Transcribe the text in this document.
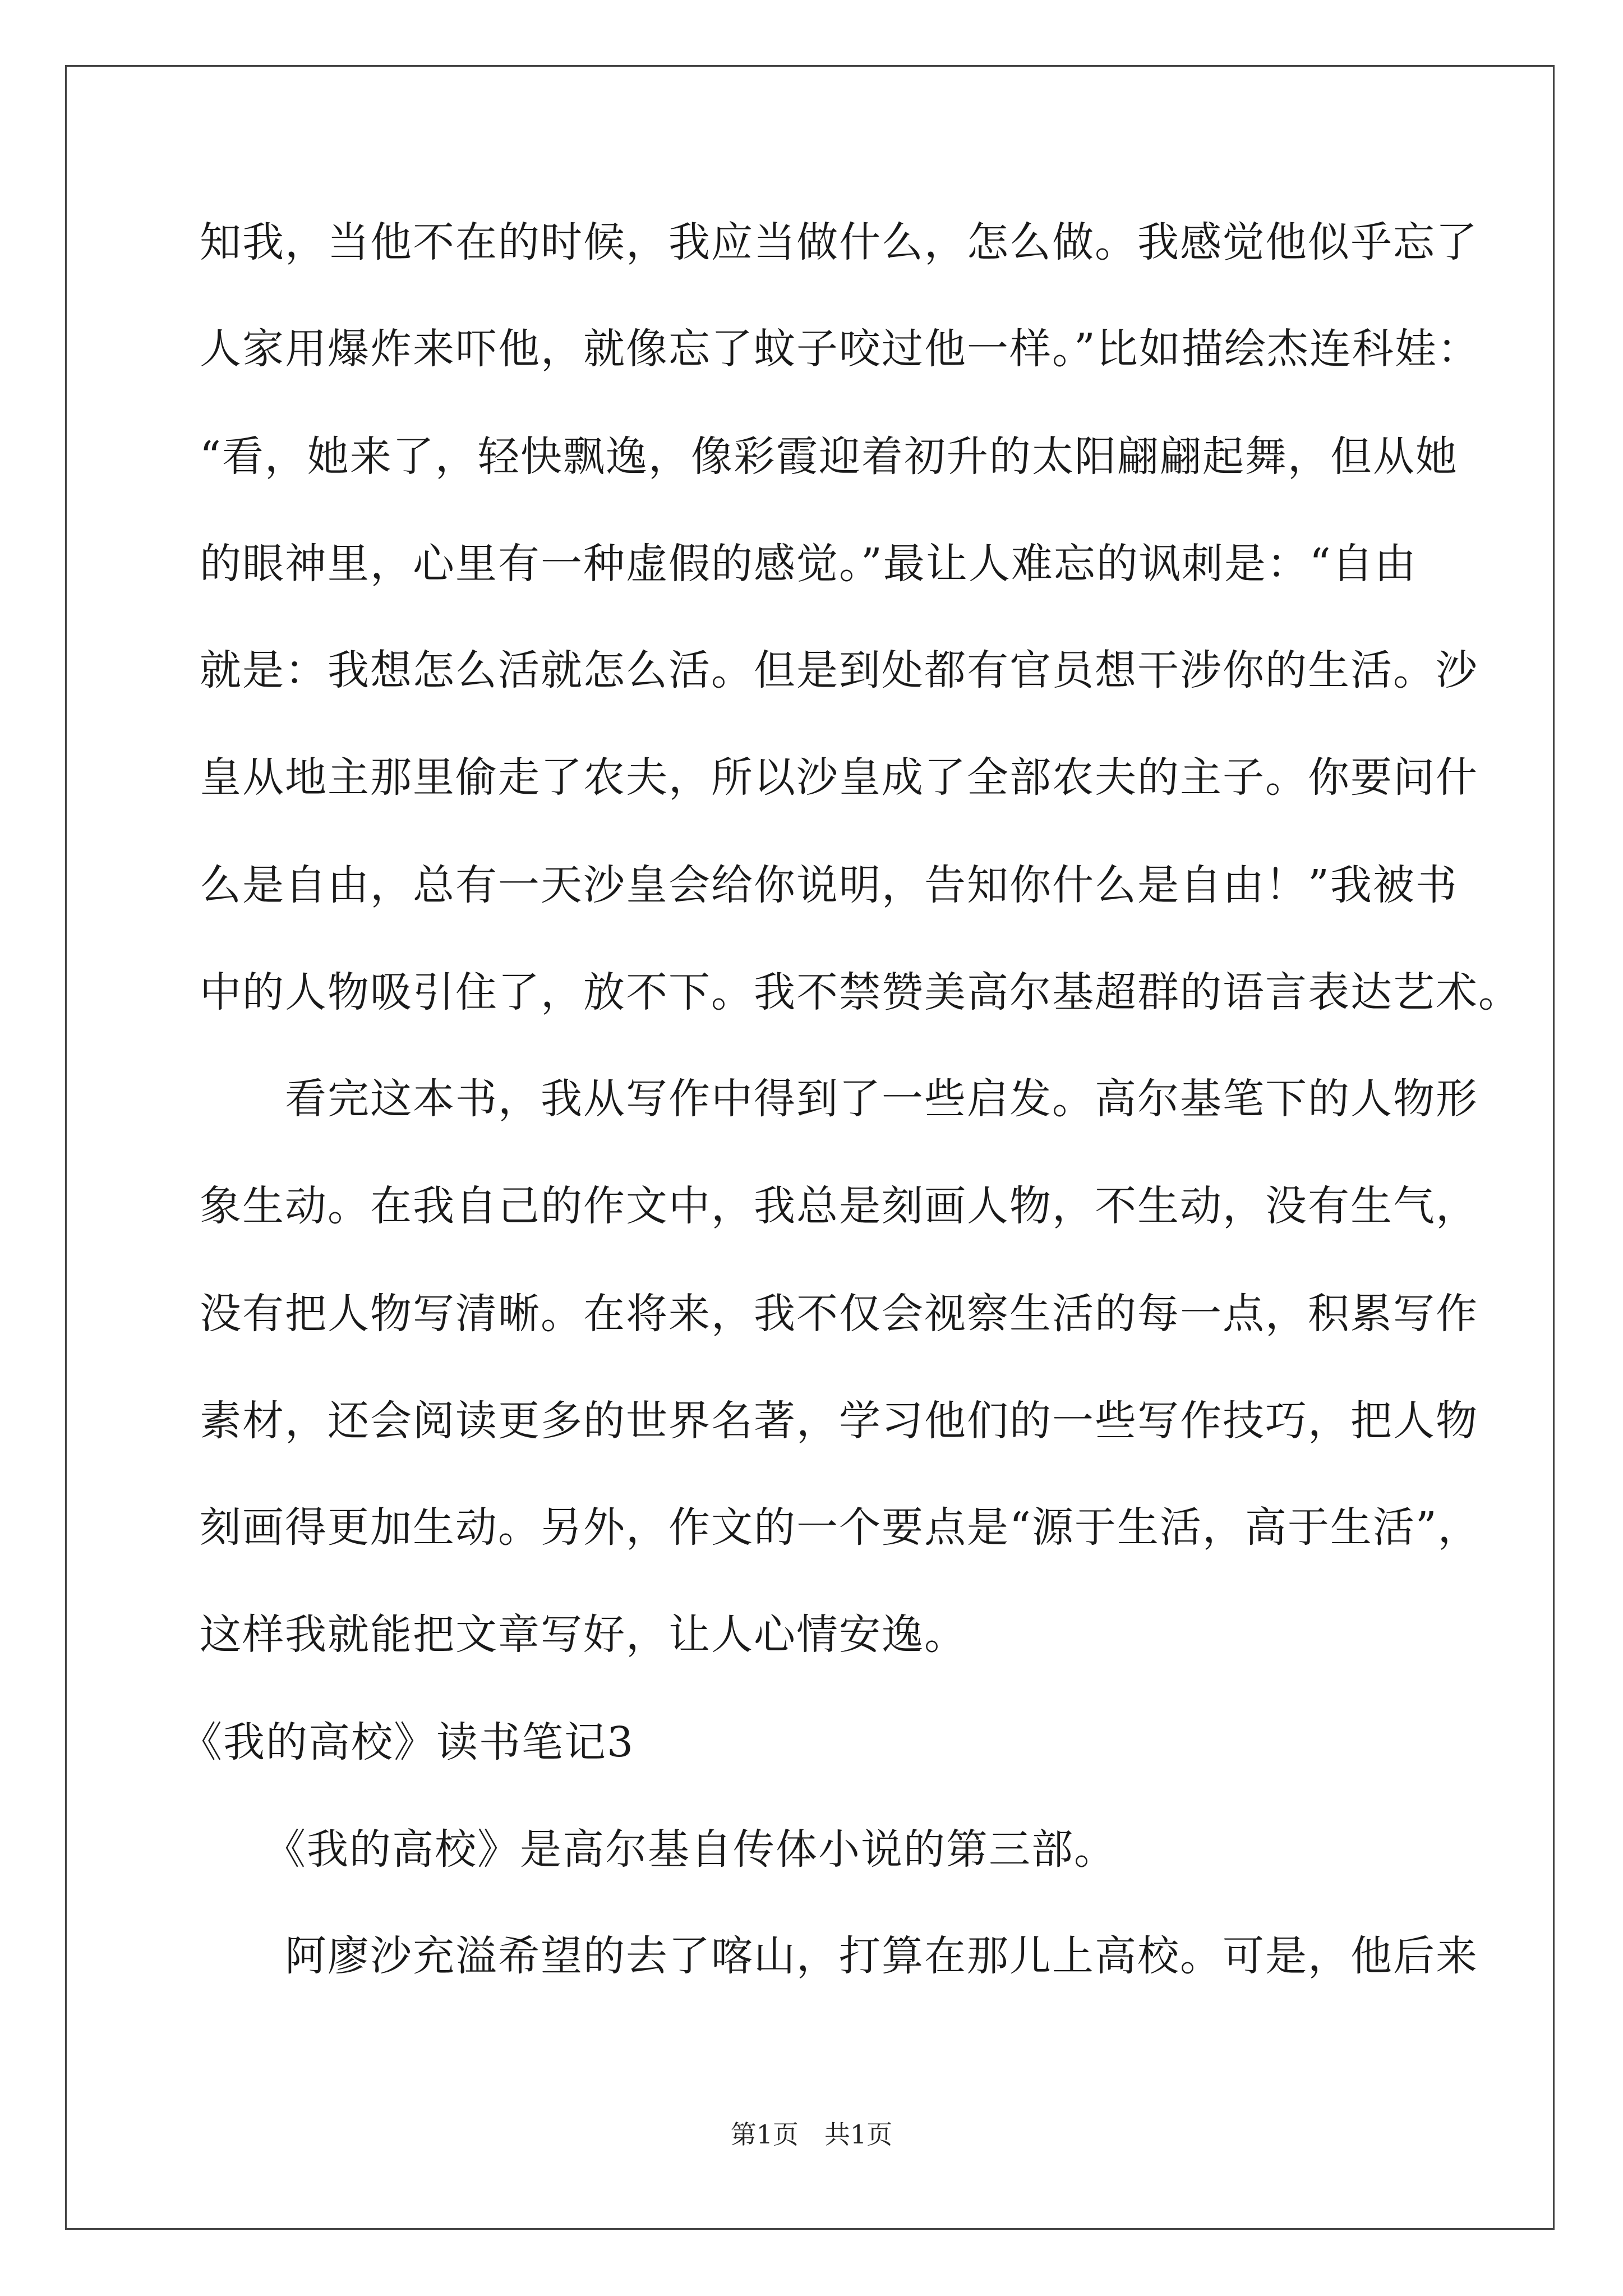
知我，当他不在的时候，我应当做什么，怎么做。我感觉他似乎忘了

人家用爆炸来吓他，就像忘了蚊子咬过他一样。”比如描绘杰连科娃：

“看，她来了，轻快飘逸，像彩霞迎着初升的太阳翩翩起舞，但从她

的眼神里，心里有一种虚假的感觉。”最让人难忘的讽刺是：“自由

就是：我想怎么活就怎么活。但是到处都有官员想干涉你的生活。沙

皇从地主那里偷走了农夫，所以沙皇成了全部农夫的主子。你要问什

么是自由，总有一天沙皇会给你说明，告知你什么是自由！”我被书

中的人物吸引住了，放不下。我不禁赞美高尔基超群的语言表达艺术。

　　看完这本书，我从写作中得到了一些启发。高尔基笔下的人物形

象生动。在我自己的作文中，我总是刻画人物，不生动，没有生气，

没有把人物写清晰。在将来，我不仅会视察生活的每一点，积累写作

素材，还会阅读更多的世界名著，学习他们的一些写作技巧，把人物

刻画得更加生动。另外，作文的一个要点是“源于生活，高于生活”，

这样我就能把文章写好，让人心情安逸。

《我的高校》读书笔记3

　　《我的高校》是高尔基自传体小说的第三部。

　　阿廖沙充溢希望的去了喀山，打算在那儿上高校。可是，他后来

第1页　共1页
